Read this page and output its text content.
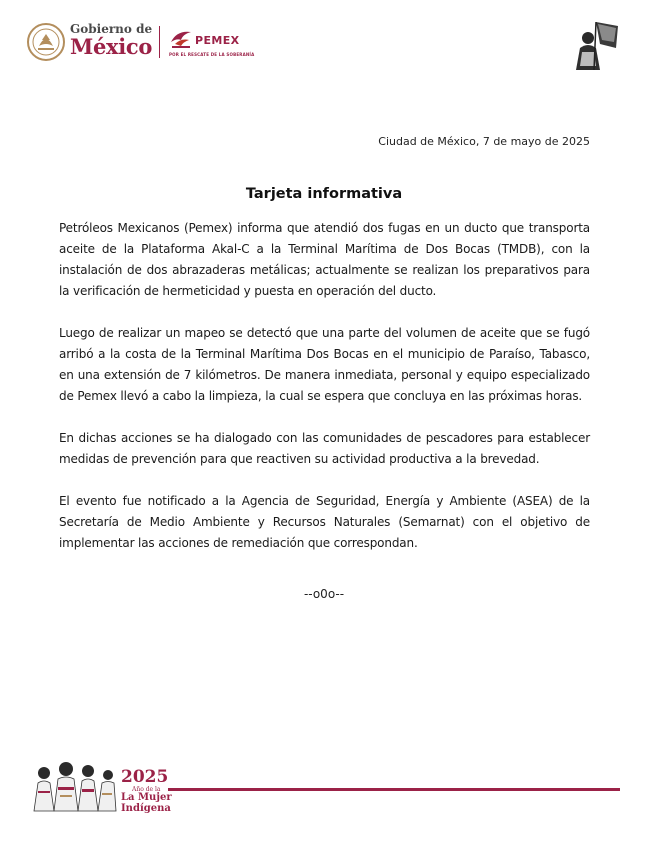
Gobierno de
México	PEMEX
POR EL RESCATE DE LA SOBERANÍA
Ciudad de México, 7 de mayo de 2025
Tarjeta informativa

Petróleos Mexicanos (Pemex) informa que atendió dos fugas en un ducto que transporta aceite de la Plataforma Akal-C a la Terminal Marítima de Dos Bocas (TMDB), con la instalación de dos abrazaderas metálicas; actualmente se realizan los preparativos para la verificación de hermeticidad y puesta en operación del ducto.

Luego de realizar un mapeo se detectó que una parte del volumen de aceite que se fugó arribó a la costa de la Terminal Marítima Dos Bocas en el municipio de Paraíso, Tabasco, en una extensión de 7 kilómetros. De manera inmediata, personal y equipo especializado de Pemex llevó a cabo la limpieza, la cual se espera que concluya en las próximas horas.

En dichas acciones se ha dialogado con las comunidades de pescadores para establecer medidas de prevención para que reactiven su actividad productiva a la brevedad.

El evento fue notificado a la Agencia de Seguridad, Energía y Ambiente (ASEA) de la Secretaría de Medio Ambiente y Recursos Naturales (Semarnat) con el objetivo de implementar las acciones de remediación que correspondan.

--o0o--
2025
Año de la
La Mujer
Indígena
